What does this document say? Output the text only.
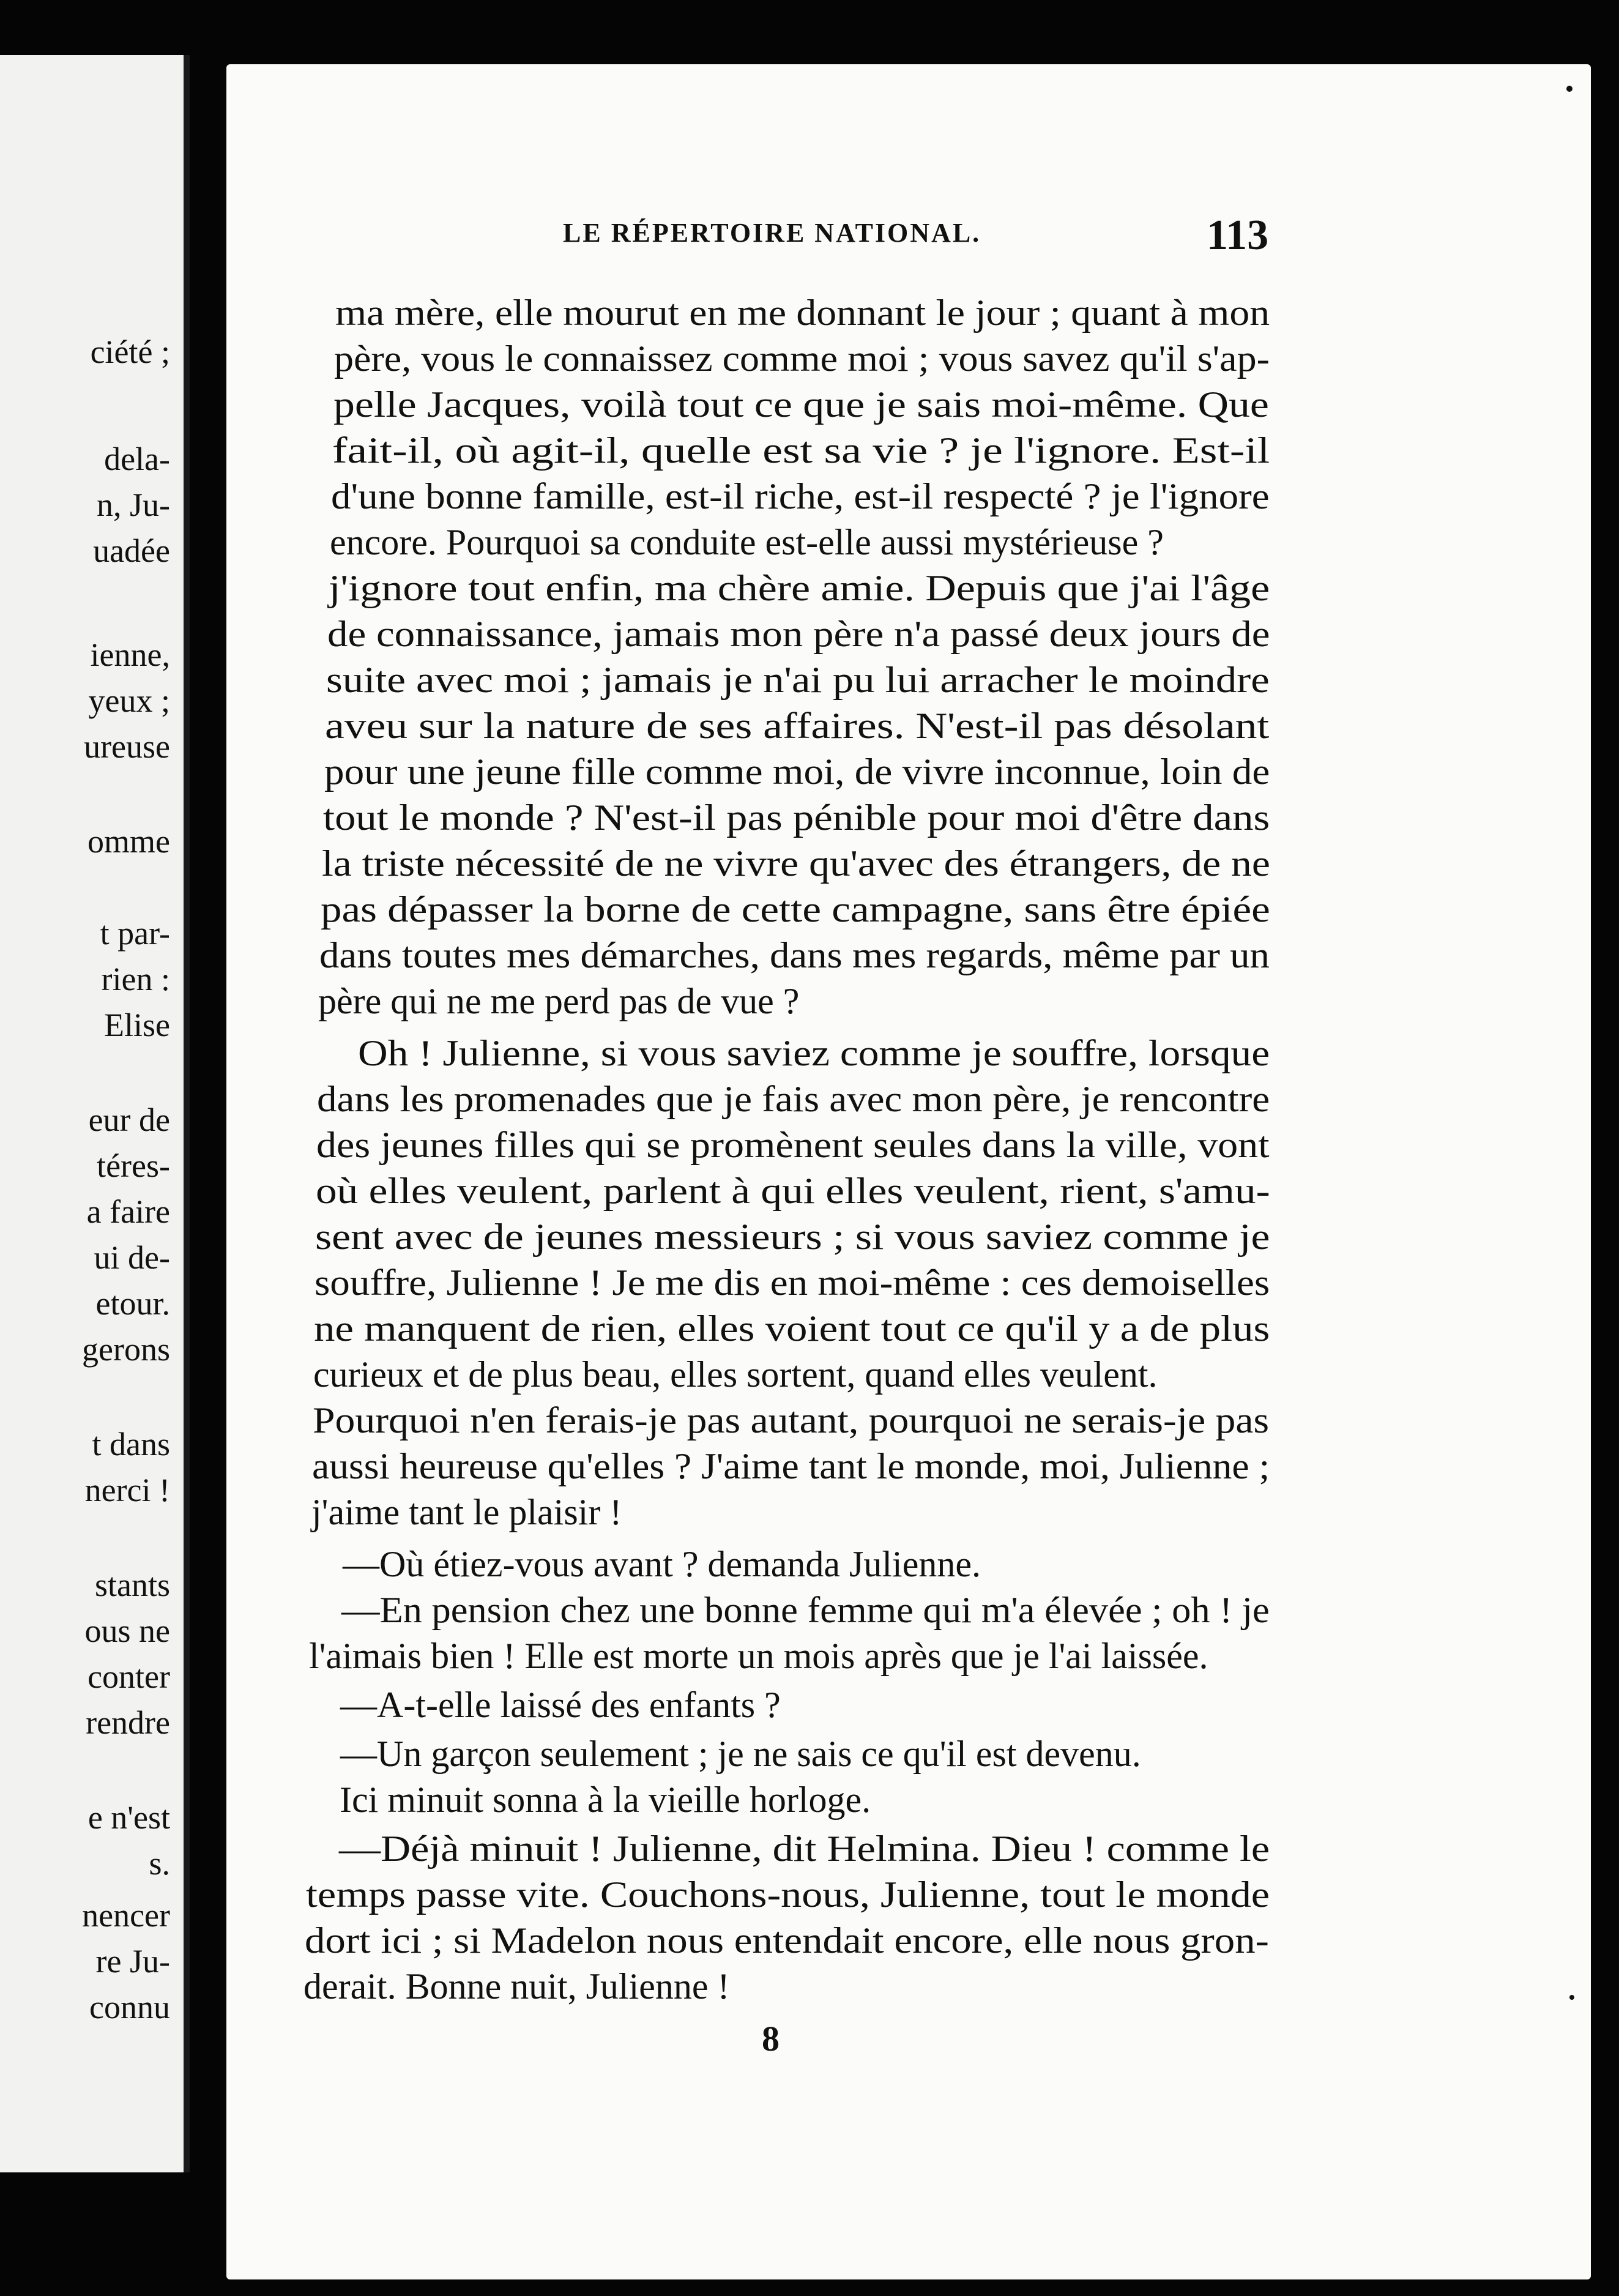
ciété ;
delа-
n, Ju-
uadée
ienne,
yeux ;
ureuse
omme
t par-
rien :
Elise
eur de
téres-
a faire
ui de-
etour.
gerons
t dans
nerci !
stants
ous ne
conter
rendre
e n'est
s.
nencer
re Ju-
connu
LE RÉPERTOIRE NATIONAL.	113
ma mère, elle mourut en me donnant le jour ; quant à mon
père, vous le connaissez comme moi ; vous savez qu'il s'ap-
pelle Jacques, voilà tout ce que je sais moi-même. Que
fait-il, où agit-il, quelle est sa vie ? je l'ignore. Est-il
d'une bonne famille, est-il riche, est-il respecté ? je l'ignore
encore. Pourquoi sa conduite est-elle aussi mystérieuse ?
j'ignore tout enfin, ma chère amie. Depuis que j'ai l'âge
de connaissance, jamais mon père n'a passé deux jours de
suite avec moi ; jamais je n'ai pu lui arracher le moindre
aveu sur la nature de ses affaires. N'est-il pas désolant
pour une jeune fille comme moi, de vivre inconnue, loin de
tout le monde ? N'est-il pas pénible pour moi d'être dans
la triste nécessité de ne vivre qu'avec des étrangers, de ne
pas dépasser la borne de cette campagne, sans être épiée
dans toutes mes démarches, dans mes regards, même par un
père qui ne me perd pas de vue ?
Oh ! Julienne, si vous saviez comme je souffre, lorsque
dans les promenades que je fais avec mon père, je rencontre
des jeunes filles qui se promènent seules dans la ville, vont
où elles veulent, parlent à qui elles veulent, rient, s'amu-
sent avec de jeunes messieurs ; si vous saviez comme je
souffre, Julienne ! Je me dis en moi-même : ces demoiselles
ne manquent de rien, elles voient tout ce qu'il y a de plus
curieux et de plus beau, elles sortent, quand elles veulent.
Pourquoi n'en ferais-je pas autant, pourquoi ne serais-je pas
aussi heureuse qu'elles ? J'aime tant le monde, moi, Julienne ;
j'aime tant le plaisir !
—Où étiez-vous avant ? demanda Julienne.
—En pension chez une bonne femme qui m'a élevée ; oh ! je
l'aimais bien ! Elle est morte un mois après que je l'ai laissée.
—A-t-elle laissé des enfants ?
—Un garçon seulement ; je ne sais ce qu'il est devenu.
Ici minuit sonna à la vieille horloge.
—Déjà minuit ! Julienne, dit Helmina. Dieu ! comme le
temps passe vite. Couchons-nous, Julienne, tout le monde
dort ici ; si Madelon nous entendait encore, elle nous gron-
derait. Bonne nuit, Julienne !
8
